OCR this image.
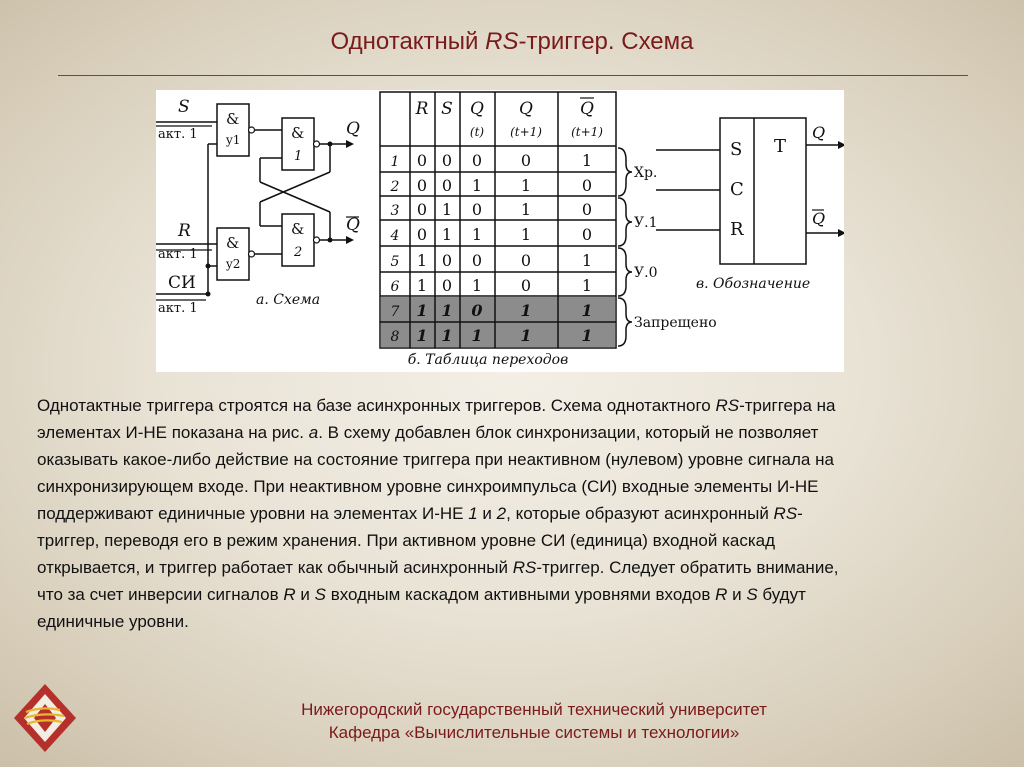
Однотактный RS-триггер. Схема
S
акт. 1
R
акт. 1
СИ
акт. 1
&
y1	&
1
&
2
&
y2
Q
Q
а. Схема
R S Q Q	Q
(t) (t+1) (t+1)
1 0 0 0 0	1
2 0 0 1 1	0
3 0 1 0 1	0
4 0 1 1 1	0
5 1 0 0 0	1
6 1 0 1 0	1
7 1 1 0 1	1
8 1 1 1 1	1
Хр.
У.1
У.0
Запрещено
б. Таблица переходов
S
C
R
T
Q
Q
в. Обозначение
Однотактные триггера строятся на базе асинхронных триггеров. Схема однотактного RS-триггера на
элементах И-НЕ показана на рис. а. В схему добавлен блок синхронизации, который не позволяет
оказывать какое-либо действие на состояние триггера при неактивном (нулевом) уровне сигнала на
синхронизирующем входе. При неактивном уровне синхроимпульса (СИ) входные элементы И-НЕ
поддерживают единичные уровни на элементах И-НЕ 1 и 2, которые образуют асинхронный RS-
триггер, переводя его в режим хранения. При активном уровне СИ (единица) входной каскад
открывается, и триггер работает как обычный асинхронный RS-триггер. Следует обратить внимание,
что за счет инверсии сигналов R и S входным каскадом активными уровнями входов R и S будут
единичные уровни.
Нижегородский государственный технический университет
Кафедра «Вычислительные системы и технологии»
